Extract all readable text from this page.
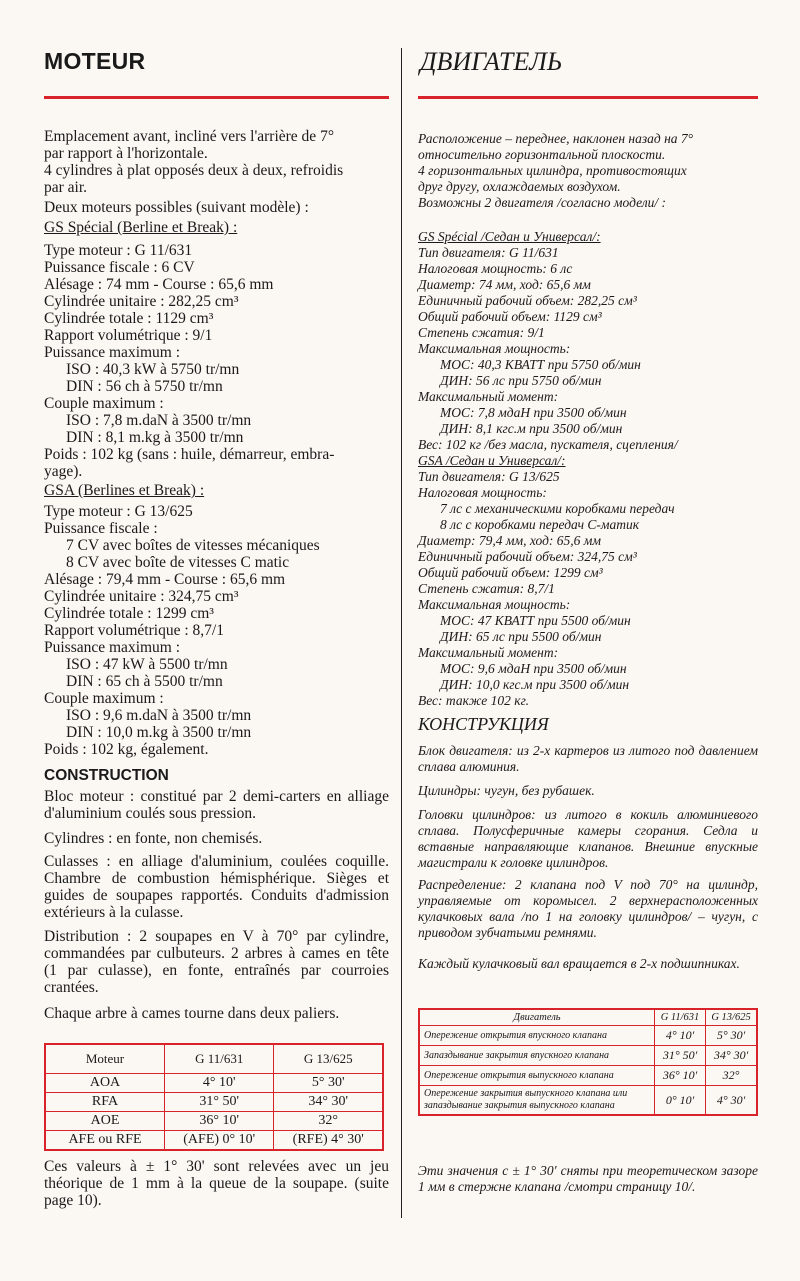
MOTEUR
Emplacement avant, incliné vers l'arrière de 7°
par rapport à l'horizontale.
4 cylindres à plat opposés deux à deux, refroidis
par air.
Deux moteurs possibles (suivant modèle) :
GS Spécial (Berline et Break) :
Type moteur : G 11/631
Puissance fiscale : 6 CV
Alésage : 74 mm - Course : 65,6 mm
Cylindrée unitaire : 282,25 cm³
Cylindrée totale : 1129 cm³
Rapport volumétrique : 9/1
Puissance maximum :
ISO : 40,3 kW à 5750 tr/mn
DIN : 56 ch à 5750 tr/mn
Couple maximum :
ISO : 7,8 m.daN à 3500 tr/mn
DIN : 8,1 m.kg à 3500 tr/mn
Poids : 102 kg (sans : huile, démarreur, embra-
yage).
GSA (Berlines et Break) :
Type moteur : G 13/625
Puissance fiscale :
7 CV avec boîtes de vitesses mécaniques
8 CV avec boîte de vitesses C matic
Alésage : 79,4 mm - Course : 65,6 mm
Cylindrée unitaire : 324,75 cm³
Cylindrée totale : 1299 cm³
Rapport volumétrique : 8,7/1
Puissance maximum :
ISO : 47 kW à 5500 tr/mn
DIN : 65 ch à 5500 tr/mn
Couple maximum :
ISO : 9,6 m.daN à 3500 tr/mn
DIN : 10,0 m.kg à 3500 tr/mn
Poids : 102 kg, également.
CONSTRUCTION
Bloc moteur : constitué par 2 demi-carters en alliage d'aluminium coulés sous pression.
Cylindres : en fonte, non chemisés.
Culasses : en alliage d'aluminium, coulées coquille. Chambre de combustion hémisphérique. Sièges et guides de soupapes rapportés. Conduits d'admission extérieurs à la culasse.
Distribution : 2 soupapes en V à 70° par cylindre, commandées par culbuteurs. 2 arbres à cames en tête (1 par culasse), en fonte, entraînés par courroies crantées.
Chaque arbre à cames tourne dans deux paliers.
Moteur	G 11/631	G 13/625
AOA	4° 10'	5° 30'
RFA	31° 50'	34° 30'
AOE	36° 10'	32°
AFE ou RFE	(AFE) 0° 10'	(RFE) 4° 30'
Ces valeurs à ± 1° 30' sont relevées avec un jeu théorique de 1 mm à la queue de la soupape. (suite page 10).
ДВИГАТЕЛЬ
Расположение – переднее, наклонен назад на 7°
относительно горизонтальной плоскости.
4 горизонтальных цилиндра, противостоящих
друг другу, охлаждаемых воздухом.
Возможны 2 двигателя /согласно модели/ :
GS Spécial /Седан и Универсал/:
Тип двигателя: G 11/631
Налоговая мощность: 6 лс
Диаметр: 74 мм, ход: 65,6 мм
Единичный рабочий объем: 282,25 см³
Общий рабочий объем: 1129 см³
Степень сжатия: 9/1
Максимальная мощность:
МОС: 40,3 КВАТТ при 5750 об/мин
ДИН: 56 лс при 5750 об/мин
Максимальный момент:
МОС: 7,8 мдаН при 3500 об/мин
ДИН: 8,1 кгс.м при 3500 об/мин
Вес: 102 кг /без масла, пускателя, сцепления/
GSA /Седан и Универсал/:
Тип двигателя: G 13/625
Налоговая мощность:
7 лс с механическими коробками передач
8 лс с коробками передач C-матик
Диаметр: 79,4 мм, ход: 65,6 мм
Единичный рабочий объем: 324,75 см³
Общий рабочий объем: 1299 см³
Степень сжатия: 8,7/1
Максимальная мощность:
МОС: 47 КВАТТ при 5500 об/мин
ДИН: 65 лс при 5500 об/мин
Максимальный момент:
МОС: 9,6 мдаН при 3500 об/мин
ДИН: 10,0 кгс.м при 3500 об/мин
Вес: также 102 кг.
КОНСТРУКЦИЯ
Блок двигателя: из 2-х картеров из литого под давлением сплава алюминия.
Цилиндры: чугун, без рубашек.
Головки цилиндров: из литого в кокиль алюминиевого сплава. Полусферичные камеры сгорания. Седла и вставные направляющие клапанов. Внешние впускные магистрали к головке цилиндров.
Распределение: 2 клапана под V под 70° на цилиндр, управляемые от коромысел. 2 верхнерасположенных кулачковых вала /по 1 на головку цилиндров/ – чугун, с приводом зубчатыми ремнями.
Каждый кулачковый вал вращается в 2-х подшипниках.
Двигатель	G 11/631	G 13/625
Опережение открытия впускного клапана	4° 10'	5° 30'
Запаздывание закрытия впускного клапана	31° 50'	34° 30'
Опережение открытия выпускного клапана	36° 10'	32°
Опережение закрытия выпускного клапана или запаздывание закрытия выпускного клапана	0° 10'	4° 30'
Эти значения с ± 1° 30' сняты при теоретическом зазоре 1 мм в стержне клапана /смотри страницу 10/.
